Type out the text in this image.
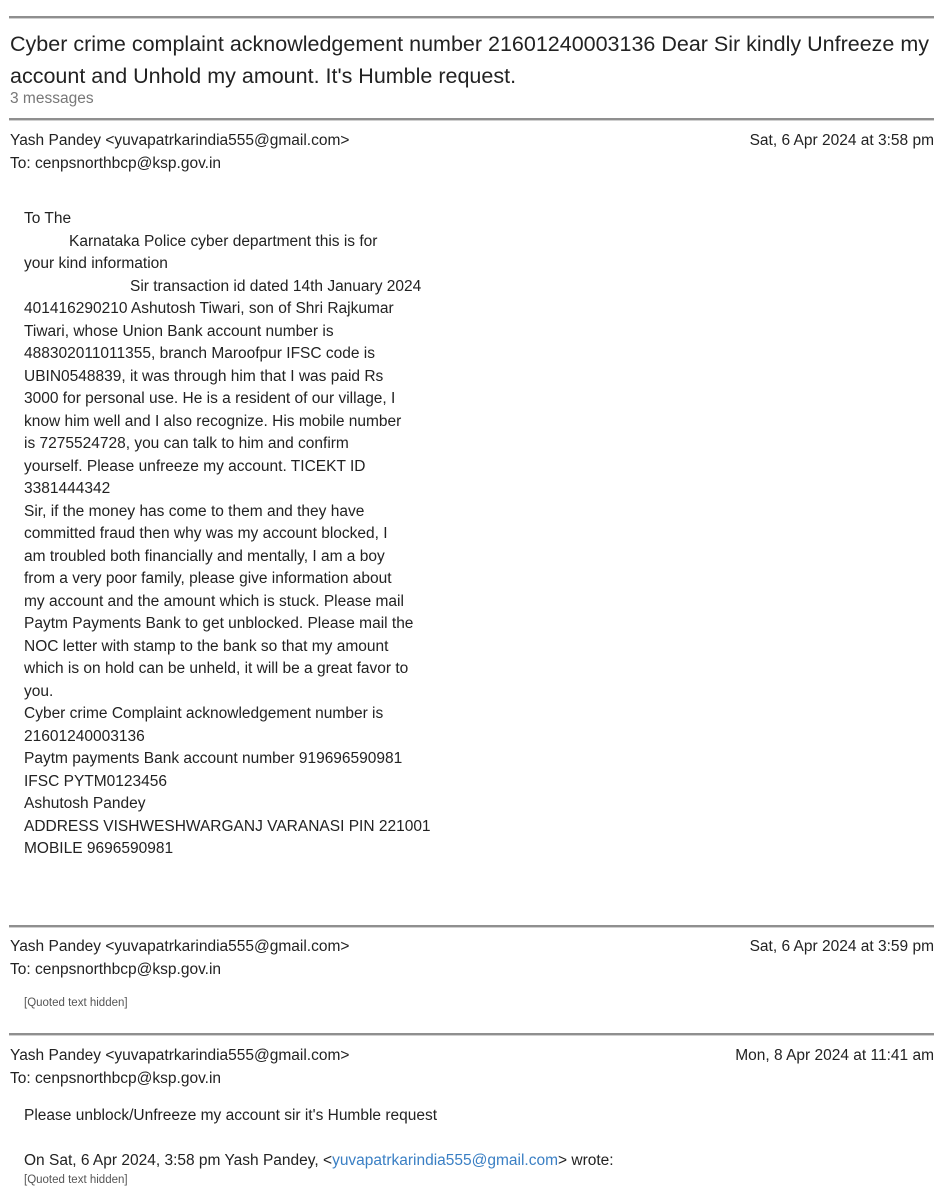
Cyber crime complaint acknowledgement number 21601240003136 Dear Sir kindly Unfreeze my account and Unhold my amount. It's Humble request.
3 messages
Yash Pandey <yuvapatrkarindia555@gmail.com>	Sat, 6 Apr 2024 at 3:58 pm
To: cenpsnorthbcp@ksp.gov.in
To The
Karnataka Police cyber department this is for
your kind information
Sir transaction id dated 14th January 2024
401416290210 Ashutosh Tiwari, son of Shri Rajkumar
Tiwari, whose Union Bank account number is
488302011011355, branch Maroofpur IFSC code is
UBIN0548839, it was through him that I was paid Rs
3000 for personal use. He is a resident of our village, I
know him well and I also recognize. His mobile number
is 7275524728, you can talk to him and confirm
yourself. Please unfreeze my account. TICEKT ID
3381444342
Sir, if the money has come to them and they have
committed fraud then why was my account blocked, I
am troubled both financially and mentally, I am a boy
from a very poor family, please give information about
my account and the amount which is stuck. Please mail
Paytm Payments Bank to get unblocked. Please mail the
NOC letter with stamp to the bank so that my amount
which is on hold can be unheld, it will be a great favor to
you.
Cyber crime Complaint acknowledgement number is
21601240003136
Paytm payments Bank account number 919696590981
IFSC PYTM0123456
Ashutosh Pandey
ADDRESS VISHWESHWARGANJ VARANASI PIN 221001
MOBILE 9696590981
Yash Pandey <yuvapatrkarindia555@gmail.com>	Sat, 6 Apr 2024 at 3:59 pm
To: cenpsnorthbcp@ksp.gov.in
[Quoted text hidden]
Yash Pandey <yuvapatrkarindia555@gmail.com>	Mon, 8 Apr 2024 at 11:41 am
To: cenpsnorthbcp@ksp.gov.in
Please unblock/Unfreeze my account sir it's Humble request
On Sat, 6 Apr 2024, 3:58 pm Yash Pandey, <yuvapatrkarindia555@gmail.com> wrote:
[Quoted text hidden]
